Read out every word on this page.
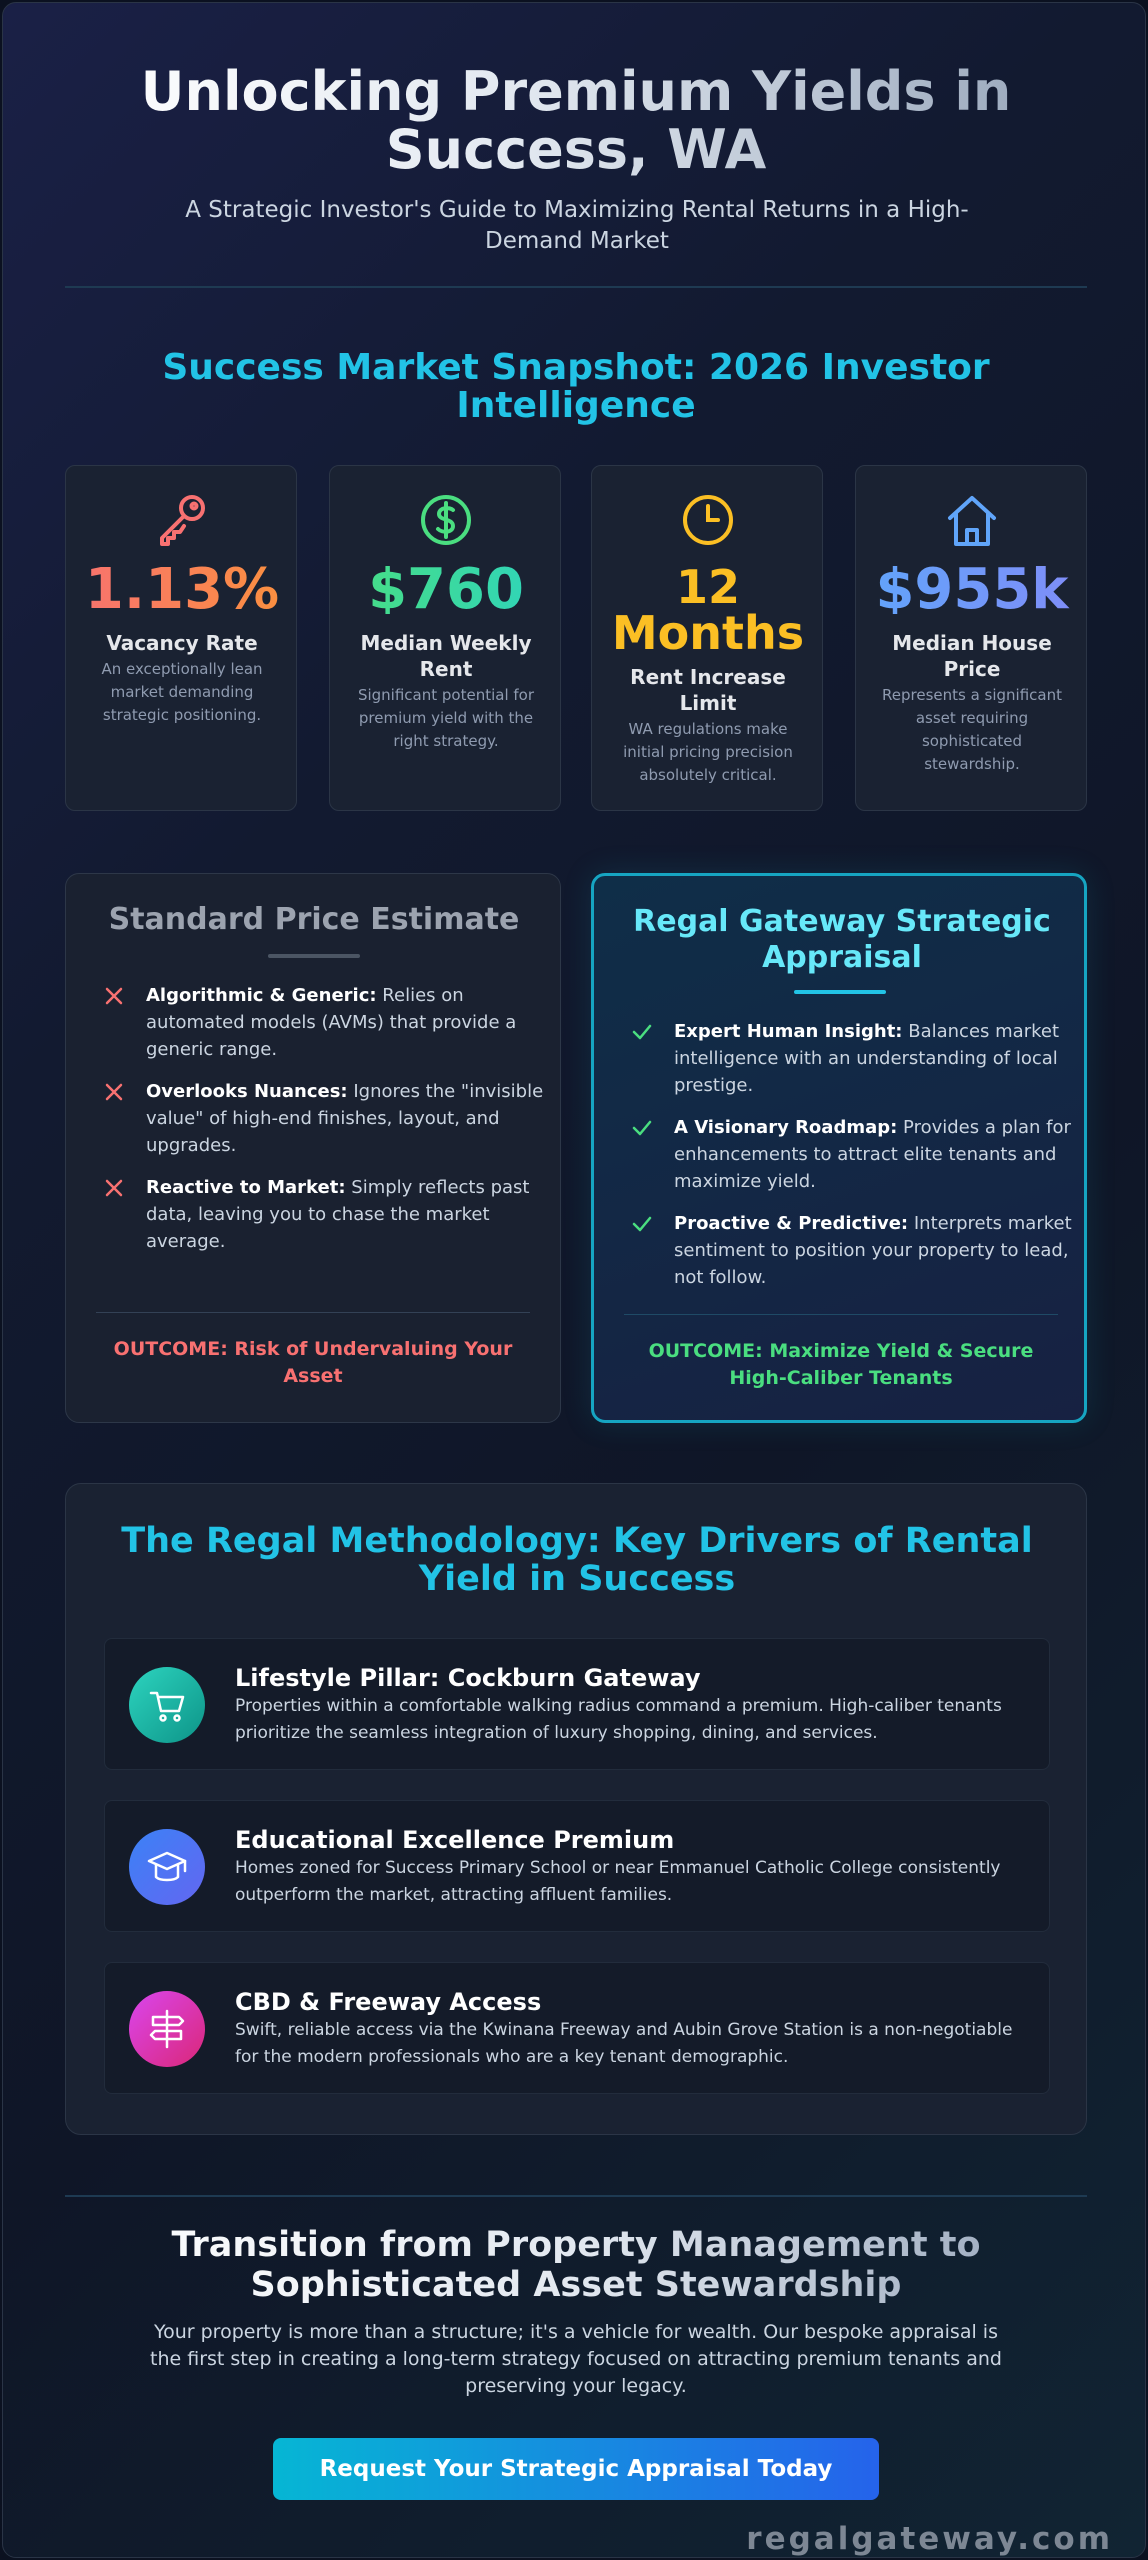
Unlocking Premium Yields in Success, WA

A Strategic Investor's Guide to Maximizing Rental Returns in a High-Demand Market

Success Market Snapshot: 2026 Investor Intelligence
1.13%
Vacancy Rate
An exceptionally lean market demanding strategic positioning.
$760
Median Weekly Rent
Significant potential for premium yield with the right strategy.
12 Months
Rent Increase Limit
WA regulations make initial pricing precision absolutely critical.
$955k
Median House Price
Represents a significant asset requiring sophisticated stewardship.
Standard Price Estimate
Algorithmic & Generic: Relies on automated models (AVMs) that provide a generic range.
Overlooks Nuances: Ignores the "invisible value" of high-end finishes, layout, and upgrades.
Reactive to Market: Simply reflects past data, leaving you to chase the market average.
OUTCOME: Risk of Undervaluing Your Asset
Regal Gateway Strategic Appraisal
Expert Human Insight: Balances market intelligence with an understanding of local prestige.
A Visionary Roadmap: Provides a plan for enhancements to attract elite tenants and maximize yield.
Proactive & Predictive: Interprets market sentiment to position your property to lead, not follow.
OUTCOME: Maximize Yield & Secure High-Caliber Tenants
The Regal Methodology: Key Drivers of Rental Yield in Success
Lifestyle Pillar: Cockburn Gateway
Properties within a comfortable walking radius command a premium. High-caliber tenants prioritize the seamless integration of luxury shopping, dining, and services.
Educational Excellence Premium
Homes zoned for Success Primary School or near Emmanuel Catholic College consistently outperform the market, attracting affluent families.
CBD & Freeway Access
Swift, reliable access via the Kwinana Freeway and Aubin Grove Station is a non-negotiable for the modern professionals who are a key tenant demographic.
Transition from Property Management to Sophisticated Asset Stewardship

Your property is more than a structure; it's a vehicle for wealth. Our bespoke appraisal is the first step in creating a long-term strategy focused on attracting premium tenants and preserving your legacy.

Request Your Strategic Appraisal Today
regalgateway.com
